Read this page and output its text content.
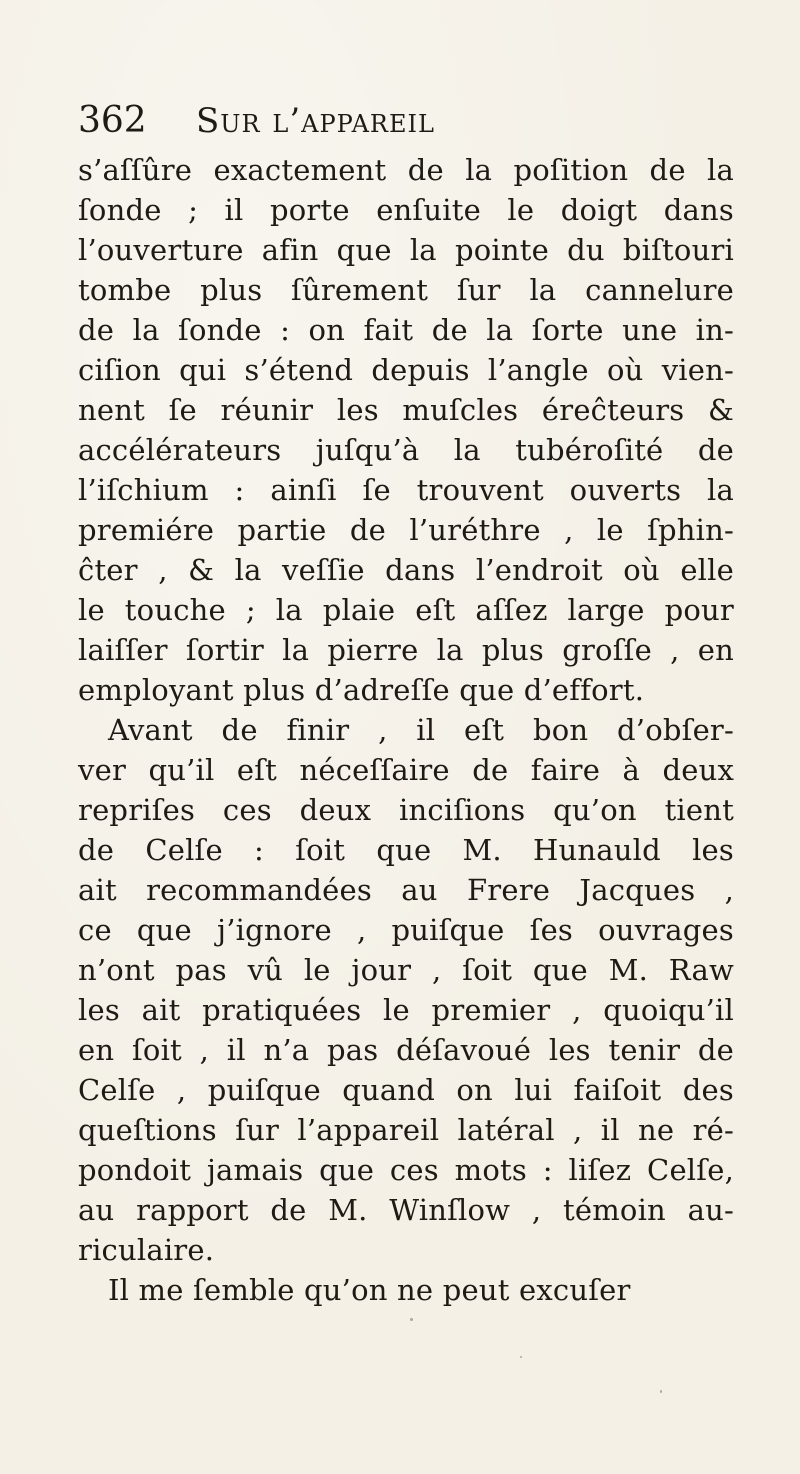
362 Sur l’appareil
s’aſſûre exactement de la poſition de la
ſonde ; il porte enſuite le doigt dans
l’ouverture afin que la pointe du biſtouri
tombe plus ſûrement ſur la cannelure
de la ſonde : on fait de la ſorte une in-
ciſion qui s’étend depuis l’angle où vien-
nent ſe réunir les muſcles éreĉteurs &
accélérateurs juſqu’à la tubéroſité de
l’iſchium : ainſi ſe trouvent ouverts la
premiére partie de l’uréthre , le ſphin-
ĉter , & la veſſie dans l’endroit où elle
le touche ; la plaie eſt aſſez large pour
laiſſer ſortir la pierre la plus groſſe , en
employant plus d’adreſſe que d’effort.
Avant de finir , il eſt bon d’obſer-
ver qu’il eſt néceſſaire de faire à deux
repriſes ces deux inciſions qu’on tient
de Celſe : ſoit que M. Hunauld les
ait recommandées au Frere Jacques ,
ce que j’ignore , puiſque ſes ouvrages
n’ont pas vû le jour , ſoit que M. Raw
les ait pratiquées le premier , quoiqu’il
en ſoit , il n’a pas déſavoué les tenir de
Celſe , puiſque quand on lui faiſoit des
queſtions ſur l’appareil latéral , il ne ré-
pondoit jamais que ces mots : liſez Celſe,
au rapport de M. Winſlow , témoin au-
riculaire.
Il me ſemble qu’on ne peut excuſer
